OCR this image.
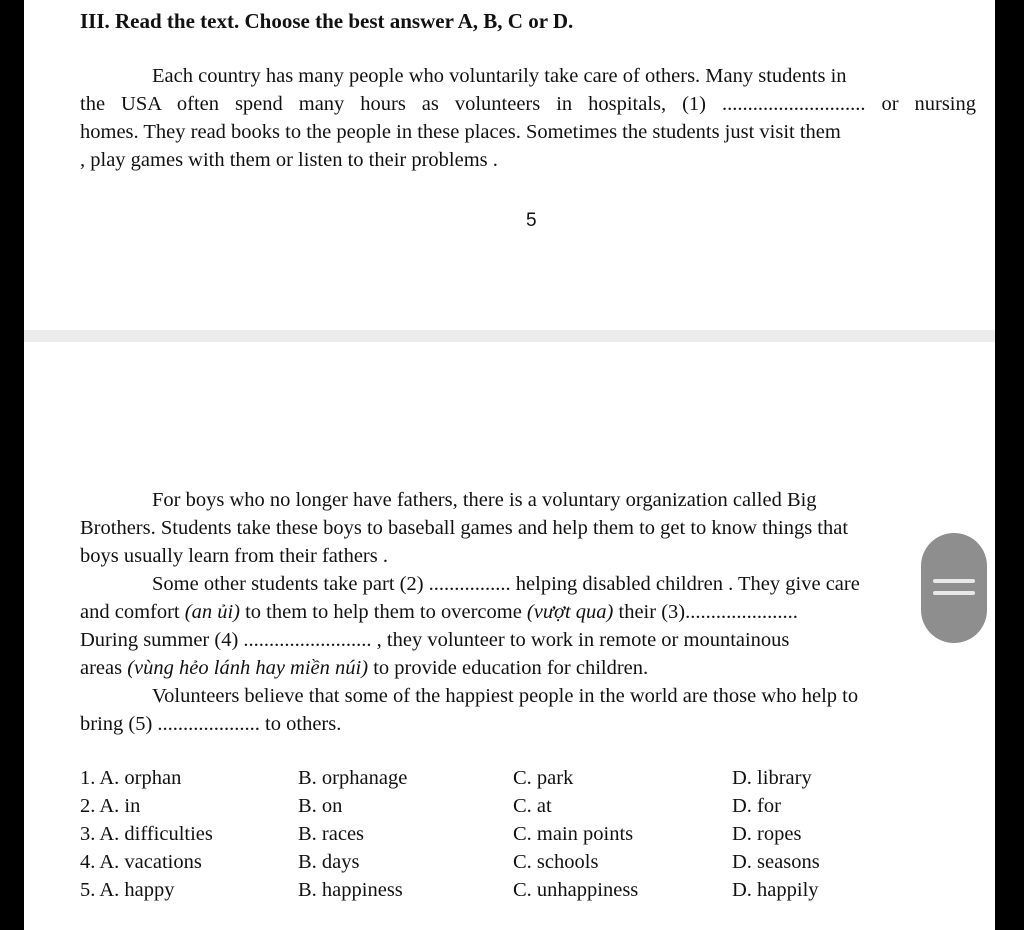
III. Read the text. Choose the best answer A, B, C or D.
Each country has many people who voluntarily take care of others. Many students in
the USA often spend many hours as volunteers in hospitals, (1) ............................ or nursing
homes. They read books to the people in these places. Sometimes the students just visit them
, play games with them or listen to their problems .
5
For boys who no longer have fathers, there is a voluntary organization called Big
Brothers. Students take these boys to baseball games and help them to get to know things that
boys usually learn from their fathers .
Some other students take part (2) ................ helping disabled children . They give care
and comfort (an ủi) to them to help them to overcome (vượt qua) their (3)......................
During summer (4) ......................... , they volunteer to work in remote or mountainous
areas (vùng hẻo lánh hay miền núi) to provide education for children.
Volunteers believe that some of the happiest people in the world are those who help to
bring (5) .................... to others.
1. A. orphan	B. orphanage	C. park	D. library
2. A. in	B. on	C. at	D. for
3. A. difficulties	B. races	C. main points	D. ropes
4. A. vacations	B. days	C. schools	D. seasons
5. A. happy	B. happiness	C. unhappiness	D. happily
